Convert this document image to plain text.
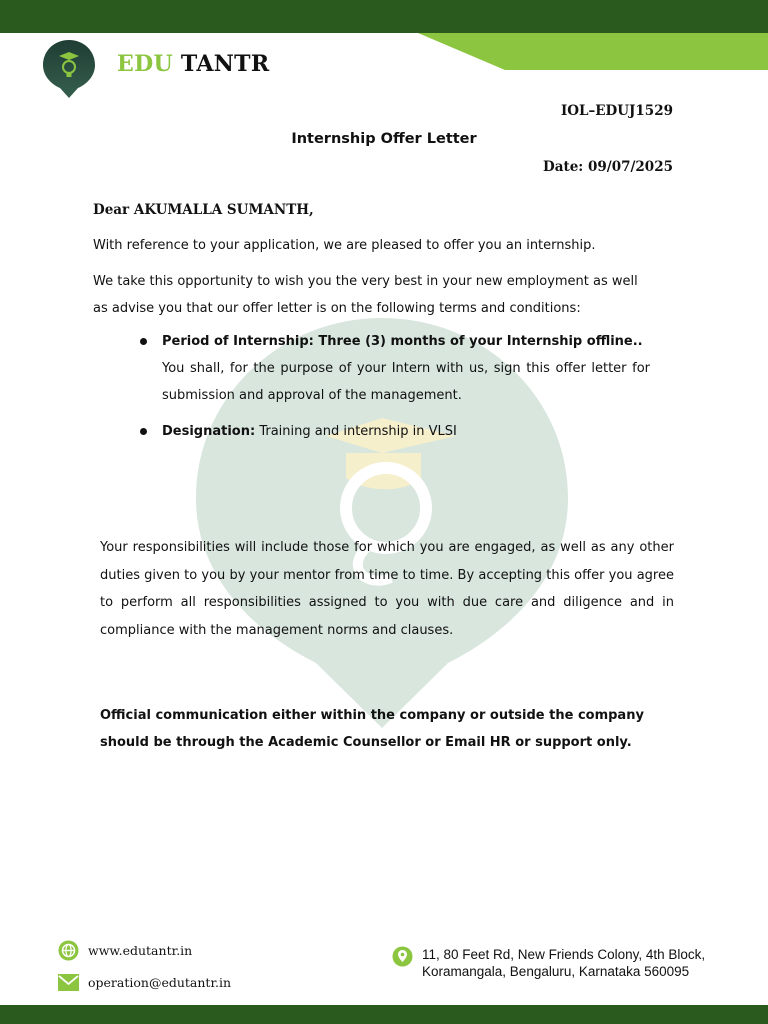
EDU TANTR
IOL–EDUJ1529
Internship Offer Letter
Date: 09/07/2025
Dear AKUMALLA SUMANTH,
With reference to your application, we are pleased to offer you an internship.
We take this opportunity to wish you the very best in your new employment as well as advise you that our offer letter is on the following terms and conditions:
Period of Internship: Three (3) months of your Internship offline..
You shall, for the purpose of your Intern with us, sign this offer letter for submission and approval of the management.
Designation: Training and internship in VLSI
Your responsibilities will include those for which you are engaged, as well as any other duties given to you by your mentor from time to time. By accepting this offer you agree to perform all responsibilities assigned to you with due care and diligence and in compliance with the management norms and clauses.
Official communication either within the company or outside the company should be through the Academic Counsellor or Email HR or support only.
www.edutantr.in
operation@edutantr.in
11, 80 Feet Rd, New Friends Colony, 4th Block, Koramangala, Bengaluru, Karnataka 560095
